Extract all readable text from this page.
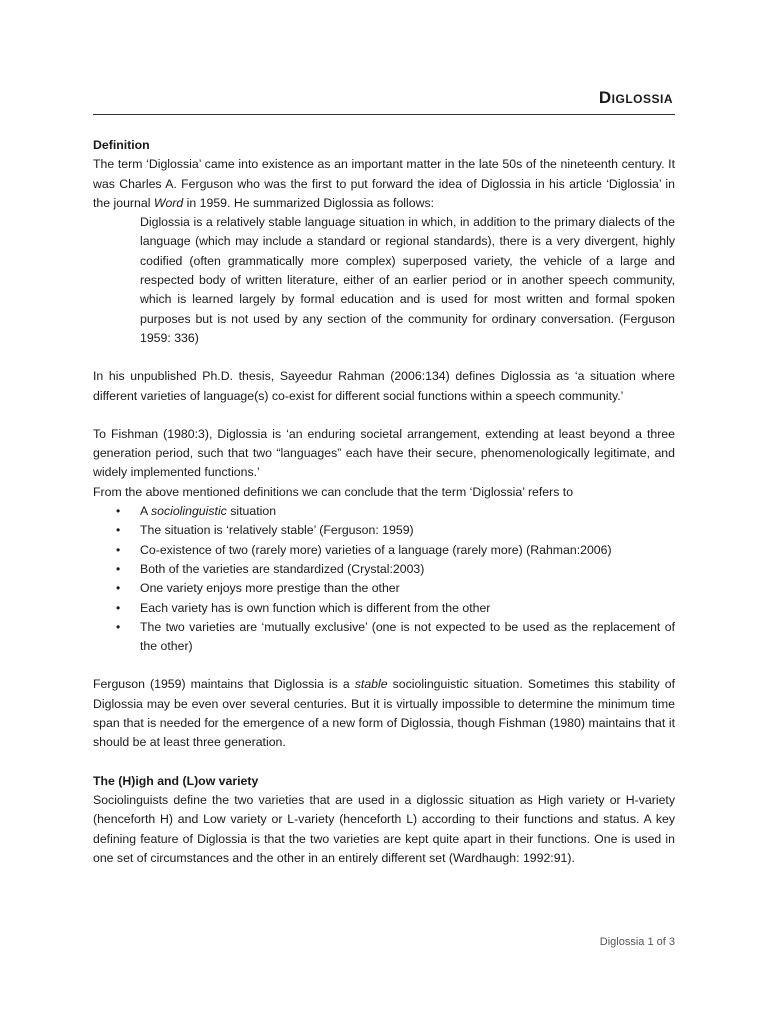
Diglossia

Definition

The term ‘Diglossia’ came into existence as an important matter in the late 50s of the nineteenth century. It was Charles A. Ferguson who was the first to put forward the idea of Diglossia in his article ‘Diglossia’ in the journal Word in 1959. He summarized Diglossia as follows:

Diglossia is a relatively stable language situation in which, in addition to the primary dialects of the language (which may include a standard or regional standards), there is a very divergent, highly codified (often grammatically more complex) superposed variety, the vehicle of a large and respected body of written literature, either of an earlier period or in another speech community, which is learned largely by formal education and is used for most written and formal spoken purposes but is not used by any section of the community for ordinary conversation. (Ferguson 1959: 336)

In his unpublished Ph.D. thesis, Sayeedur Rahman (2006:134) defines Diglossia as ‘a situation where different varieties of language(s) co-exist for different social functions within a speech community.’

To Fishman (1980:3), Diglossia is ‘an enduring societal arrangement, extending at least beyond a three generation period, such that two “languages” each have their secure, phenomenologically legitimate, and widely implemented functions.’

From the above mentioned definitions we can conclude that the term ‘Diglossia’ refers to

• A sociolinguistic situation
• The situation is ‘relatively stable’ (Ferguson: 1959)
• Co-existence of two (rarely more) varieties of a language (rarely more) (Rahman:2006)
• Both of the varieties are standardized (Crystal:2003)
• One variety enjoys more prestige than the other
• Each variety has is own function which is different from the other
• The two varieties are ‘mutually exclusive’ (one is not expected to be used as the replacement of the other)

Ferguson (1959) maintains that Diglossia is a stable sociolinguistic situation. Sometimes this stability of Diglossia may be even over several centuries. But it is virtually impossible to determine the minimum time span that is needed for the emergence of a new form of Diglossia, though Fishman (1980) maintains that it should be at least three generation.

The (H)igh and (L)ow variety

Sociolinguists define the two varieties that are used in a diglossic situation as High variety or H-variety (henceforth H) and Low variety or L-variety (henceforth L) according to their functions and status. A key defining feature of Diglossia is that the two varieties are kept quite apart in their functions. One is used in one set of circumstances and the other in an entirely different set (Wardhaugh: 1992:91).

Diglossia 1 of 3
